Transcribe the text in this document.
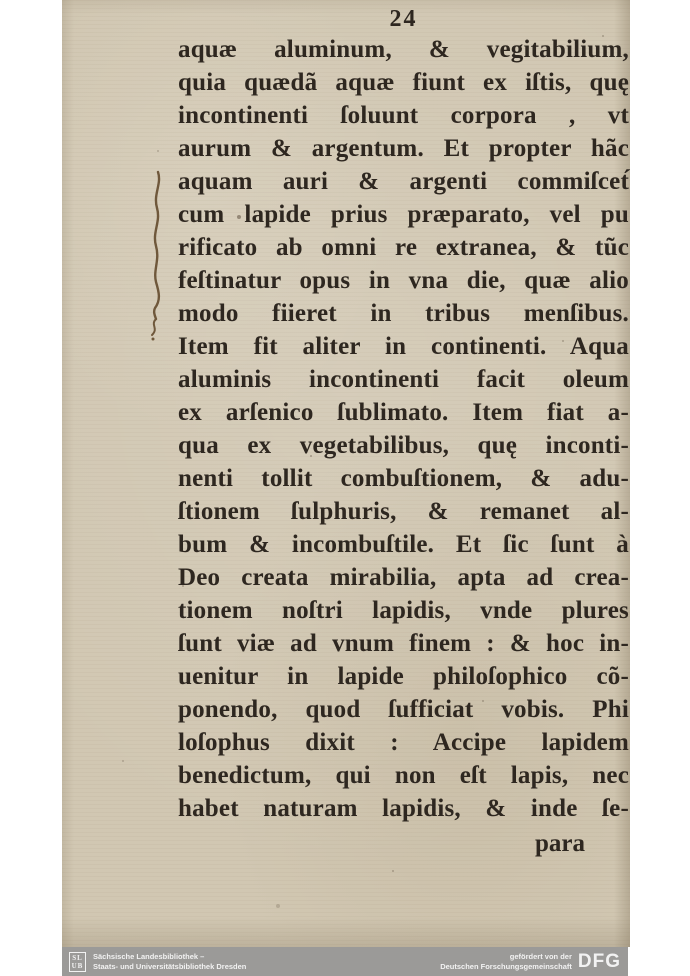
24
aquæ aluminum, & vegitabilium,
quia quædã aquæ fiunt ex iſtis, quę
incontinenti ſoluunt corpora , vt
aurum & argentum. Et propter hãc
aquam auri & argenti commiſcet́
cum lapide prius præparato, vel pu
rificato ab omni re extranea, & tũc
feſtinatur opus in vna die, quæ alio
modo fiieret in tribus menſibus.
Item fit aliter in continenti. Aqua
aluminis incontinenti facit oleum
ex arſenico ſublimato. Item fiat a-
qua ex vegetabilibus, quę inconti-
nenti tollit combuſtionem, & adu-
ſtionem ſulphuris, & remanet al-
bum & incombuſtile. Et ſic ſunt à
Deo creata mirabilia, apta ad crea-
tionem noſtri lapidis, vnde plures
ſunt viæ ad vnum finem : & hoc in-
uenitur in lapide philoſophico cõ-
ponendo, quod ſufficiat vobis. Phi
loſophus dixit : Accipe lapidem
benedictum, qui non eſt lapis, nec
habet naturam lapidis, & inde ſe-
para
SL
UB
Sächsische Landesbibliothek –
Staats- und Universitätsbibliothek Dresden
gefördert von der
Deutschen Forschungsgemeinschaft DFG
